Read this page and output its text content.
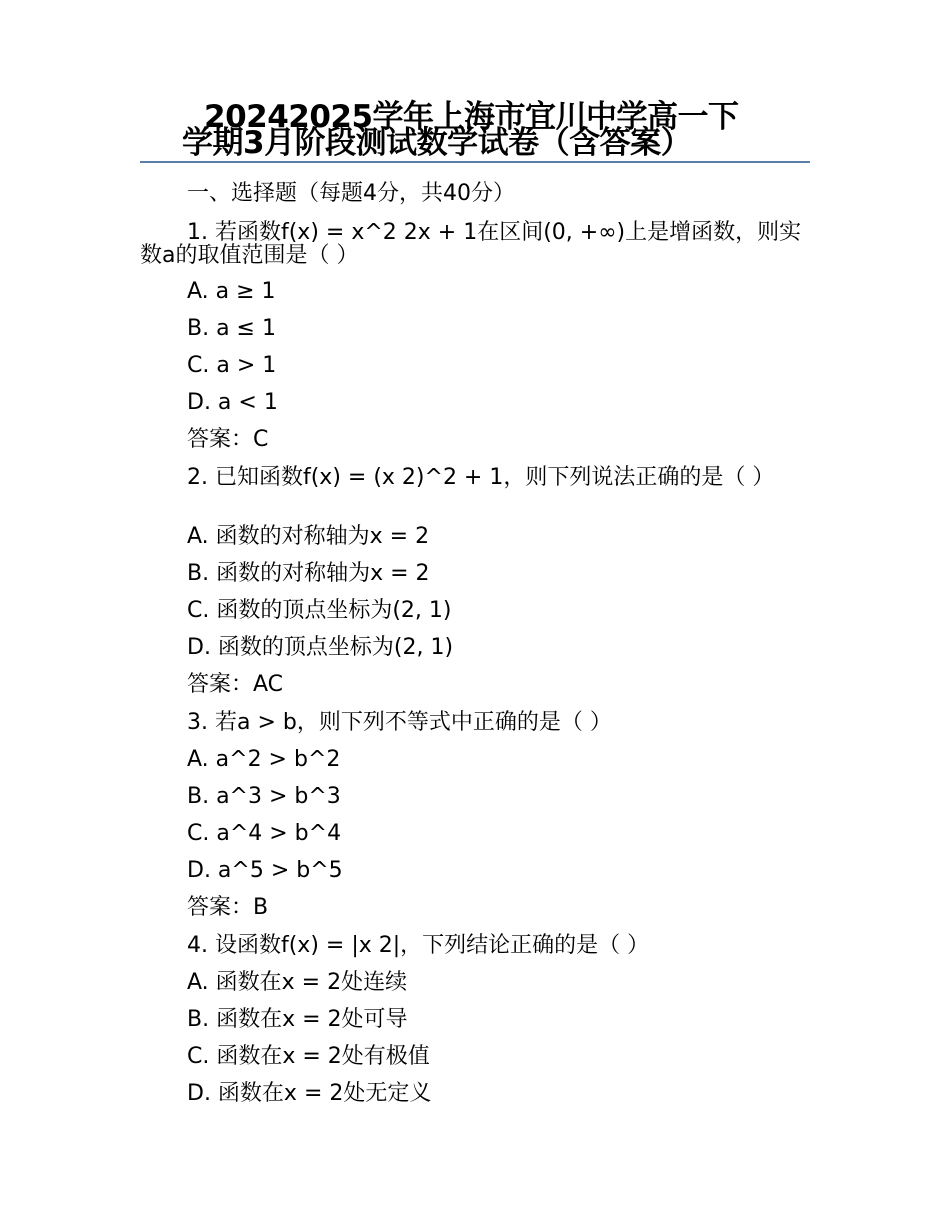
20242025学年上海市宜川中学高一下
学期3月阶段测试数学试卷（含答案）
一、选择题（每题4分，共40分）
1. 若函数f(x) = x^2 2x + 1在区间(0, +∞)上是增函数，则实数a的取值范围是（ ）
A. a ≥ 1
B. a ≤ 1
C. a > 1
D. a < 1
答案：C
2. 已知函数f(x) = (x 2)^2 + 1，则下列说法正确的是（ ）
A. 函数的对称轴为x = 2
B. 函数的对称轴为x = 2
C. 函数的顶点坐标为(2, 1)
D. 函数的顶点坐标为(2, 1)
答案：AC
3. 若a > b，则下列不等式中正确的是（ ）
A. a^2 > b^2
B. a^3 > b^3
C. a^4 > b^4
D. a^5 > b^5
答案：B
4. 设函数f(x) = |x 2|，下列结论正确的是（ ）
A. 函数在x = 2处连续
B. 函数在x = 2处可导
C. 函数在x = 2处有极值
D. 函数在x = 2处无定义
